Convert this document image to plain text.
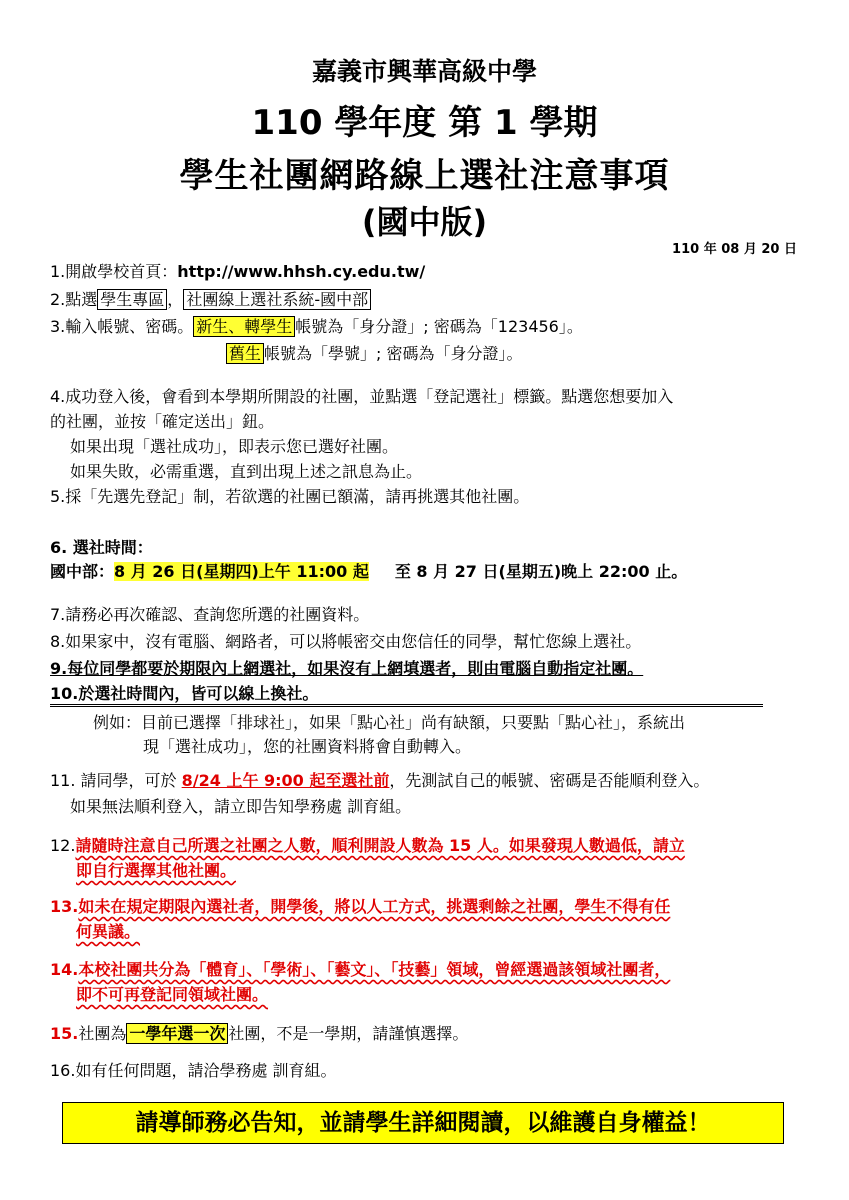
嘉義市興華高級中學
110 學年度 第 1 學期
學生社團網路線上選社注意事項
(國中版)
110 年 08 月 20 日
1.開啟學校首頁：http://www.hhsh.cy.edu.tw/
2.點選 學生專區 ， 社團線上選社系統-國中部
3.輸入帳號、密碼。 新生、轉學生 帳號為「身分證」; 密碼為「123456」。
舊生 帳號為「學號」; 密碼為「身分證」。
4.成功登入後，會看到本學期所開設的社團，並點選「登記選社」標籤。點選您想要加入
的社團，並按「確定送出」鈕。
如果出現「選社成功」，即表示您已選好社團。
如果失敗，必需重選，直到出現上述之訊息為止。
5.採「先選先登記」制，若欲選的社團已額滿，請再挑選其他社團。
6. 選社時間：
國中部：8 月 26 日(星期四)上午 11:00 起 至 8 月 27 日(星期五)晚上 22:00 止。
7.請務必再次確認、查詢您所選的社團資料。
8.如果家中，沒有電腦、網路者，可以將帳密交由您信任的同學，幫忙您線上選社。
9.每位同學都要於期限內上網選社，如果沒有上網填選者，則由電腦自動指定社團。
10.於選社時間內，皆可以線上換社。
例如：目前已選擇「排球社」，如果「點心社」尚有缺額，只要點「點心社」，系統出
現「選社成功」，您的社團資料將會自動轉入。
11. 請同學，可於 8/24 上午 9:00 起至選社前，先測試自己的帳號、密碼是否能順利登入。
如果無法順利登入，請立即告知學務處 訓育組。
12.請隨時注意自己所選之社團之人數，順利開設人數為 15 人。如果發現人數過低，請立
即自行選擇其他社團。
13.如未在規定期限內選社者，開學後，將以人工方式，挑選剩餘之社團，學生不得有任
何異議。
14.本校社團共分為「體育」、「學術」、「藝文」、「技藝」領域，曾經選過該領域社團者，
即不可再登記同領域社團。
15.社團為 一學年選一次 社團，不是一學期，請謹慎選擇。
16.如有任何問題，請洽學務處 訓育組。
請導師務必告知，並請學生詳細閱讀，以維護自身權益！
